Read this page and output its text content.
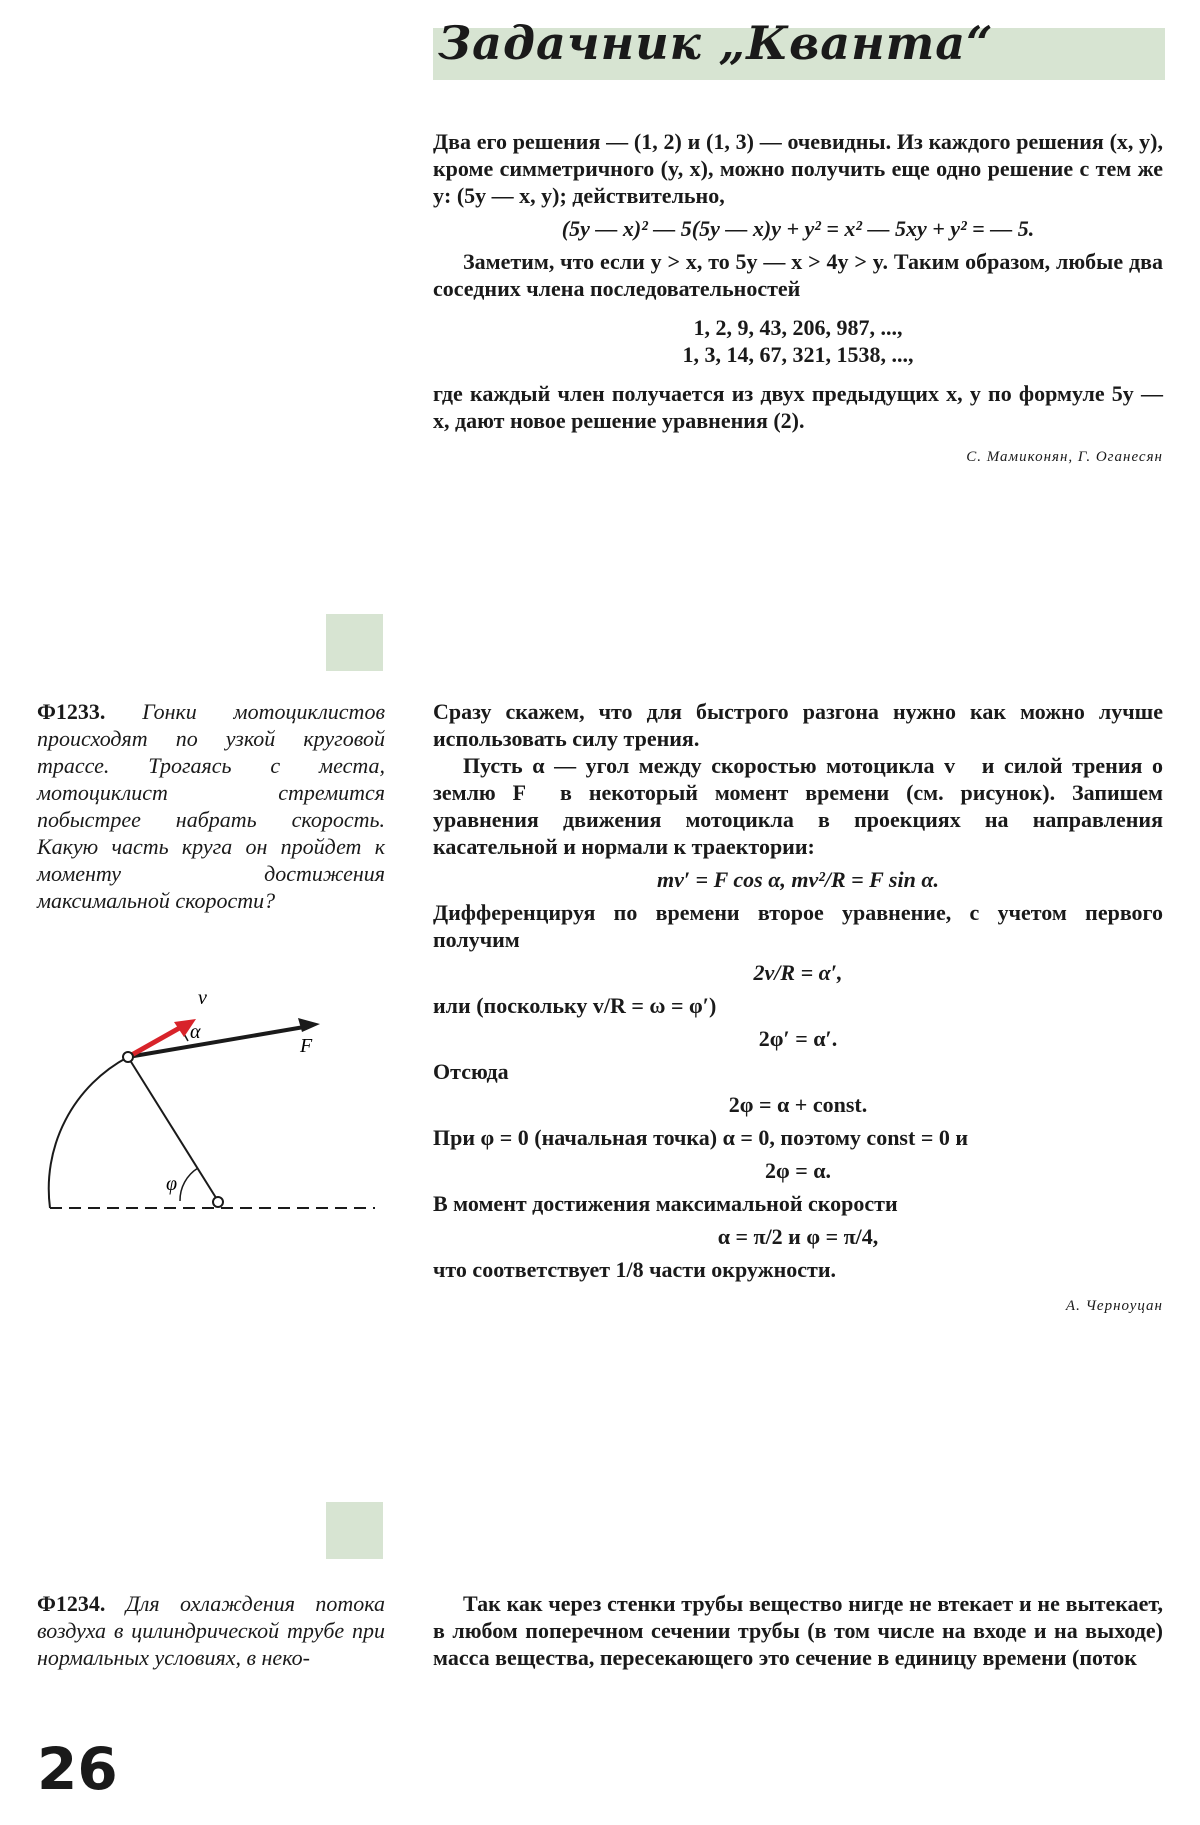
Задачник „Кванта“

Два его решения — (1, 2) и (1, 3) — очевидны. Из каждого решения (x, y), кроме симметричного (y, x), можно получить еще одно решение с тем же y: (5y — x, y); действительно,

(5y — x)² — 5(5y — x)y + y² = x² — 5xy + y² = — 5.

Заметим, что если y > x, то 5y — x > 4y > y. Таким образом, любые два соседних члена последовательностей

1, 2, 9, 43, 206, 987, ...,
1, 3, 14, 67, 321, 1538, ...,

где каждый член получается из двух предыдущих x, y по формуле 5y — x, дают новое решение уравнения (2).

С. Мамиконян, Г. Оганесян
Ф1233. Гонки мотоциклистов происходят по узкой круговой трассе. Трогаясь с места, мотоциклист стремится побыстрее набрать скорость. Какую часть круга он пройдет к моменту достижения максимальной скорости?
v
α
F
φ

Сразу скажем, что для быстрого разгона нужно как можно лучше использовать силу трения.

Пусть α — угол между скоростью мотоцикла v⃗ и силой трения о землю F⃗ в некоторый момент времени (см. рисунок). Запишем уравнения движения мотоцикла в проекциях на направления касательной и нормали к траектории:

mv′ = F cos α, mv²/R = F sin α.

Дифференцируя по времени второе уравнение, с учетом первого получим

2v/R = α′,

или (поскольку v/R = ω = φ′)

2φ′ = α′.

Отсюда

2φ = α + const.

При φ = 0 (начальная точка) α = 0, поэтому const = 0 и

2φ = α.

В момент достижения максимальной скорости

α = π/2 и φ = π/4,

что соответствует 1/8 части окружности.

А. Черноуцан
Ф1234. Для охлаждения потока воздуха в цилиндрической трубе при нормальных условиях, в неко-

Так как через стенки трубы вещество нигде не втекает и не вытекает, в любом поперечном сечении трубы (в том числе на входе и на выходе) масса вещества, пересекающего это сечение в единицу времени (поток

26
